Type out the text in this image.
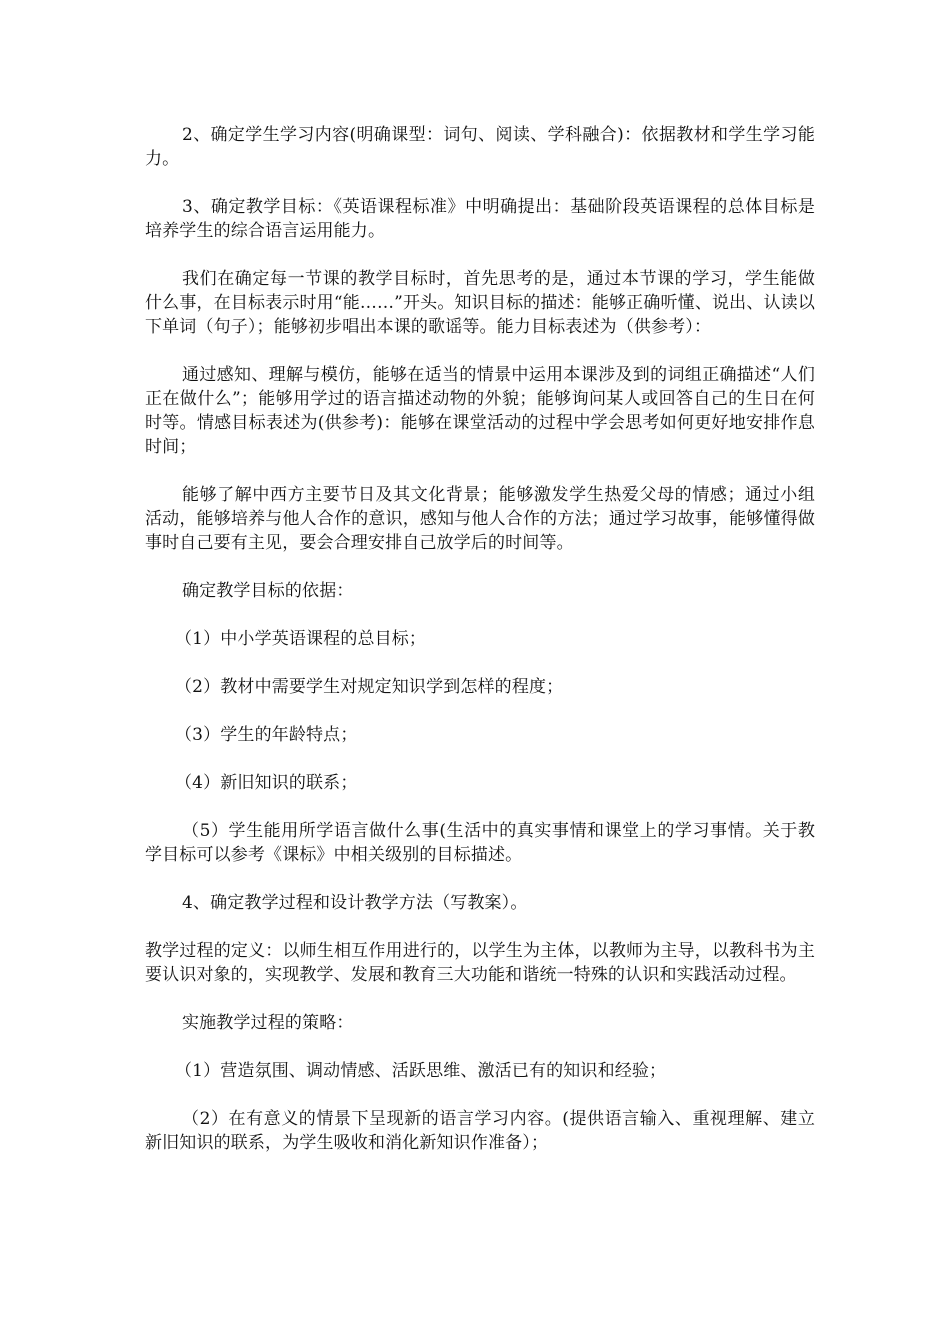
2、确定学生学习内容(明确课型：词句、阅读、学科融合)：依据教材和学生学习能力。

3、确定教学目标：《英语课程标准》中明确提出：基础阶段英语课程的总体目标是培养学生的综合语言运用能力。

我们在确定每一节课的教学目标时，首先思考的是，通过本节课的学习，学生能做什么事，在目标表示时用“能……”开头。知识目标的描述：能够正确听懂、说出、认读以下单词（句子）；能够初步唱出本课的歌谣等。能力目标表述为（供参考）：

通过感知、理解与模仿，能够在适当的情景中运用本课涉及到的词组正确描述“人们正在做什么”；能够用学过的语言描述动物的外貌；能够询问某人或回答自己的生日在何时等。情感目标表述为(供参考)：能够在课堂活动的过程中学会思考如何更好地安排作息时间；

能够了解中西方主要节日及其文化背景；能够激发学生热爱父母的情感；通过小组活动，能够培养与他人合作的意识，感知与他人合作的方法；通过学习故事，能够懂得做事时自己要有主见，要会合理安排自己放学后的时间等。

确定教学目标的依据：

（1）中小学英语课程的总目标；

（2）教材中需要学生对规定知识学到怎样的程度；

（3）学生的年龄特点；

（4）新旧知识的联系；

（5）学生能用所学语言做什么事(生活中的真实事情和课堂上的学习事情。关于教学目标可以参考《课标》中相关级别的目标描述。

4、确定教学过程和设计教学方法（写教案）。

教学过程的定义：以师生相互作用进行的，以学生为主体，以教师为主导，以教科书为主要认识对象的，实现教学、发展和教育三大功能和谐统一特殊的认识和实践活动过程。

实施教学过程的策略：

（1）营造氛围、调动情感、活跃思维、激活已有的知识和经验；

（2）在有意义的情景下呈现新的语言学习内容。(提供语言输入、重视理解、建立新旧知识的联系，为学生吸收和消化新知识作准备）；
